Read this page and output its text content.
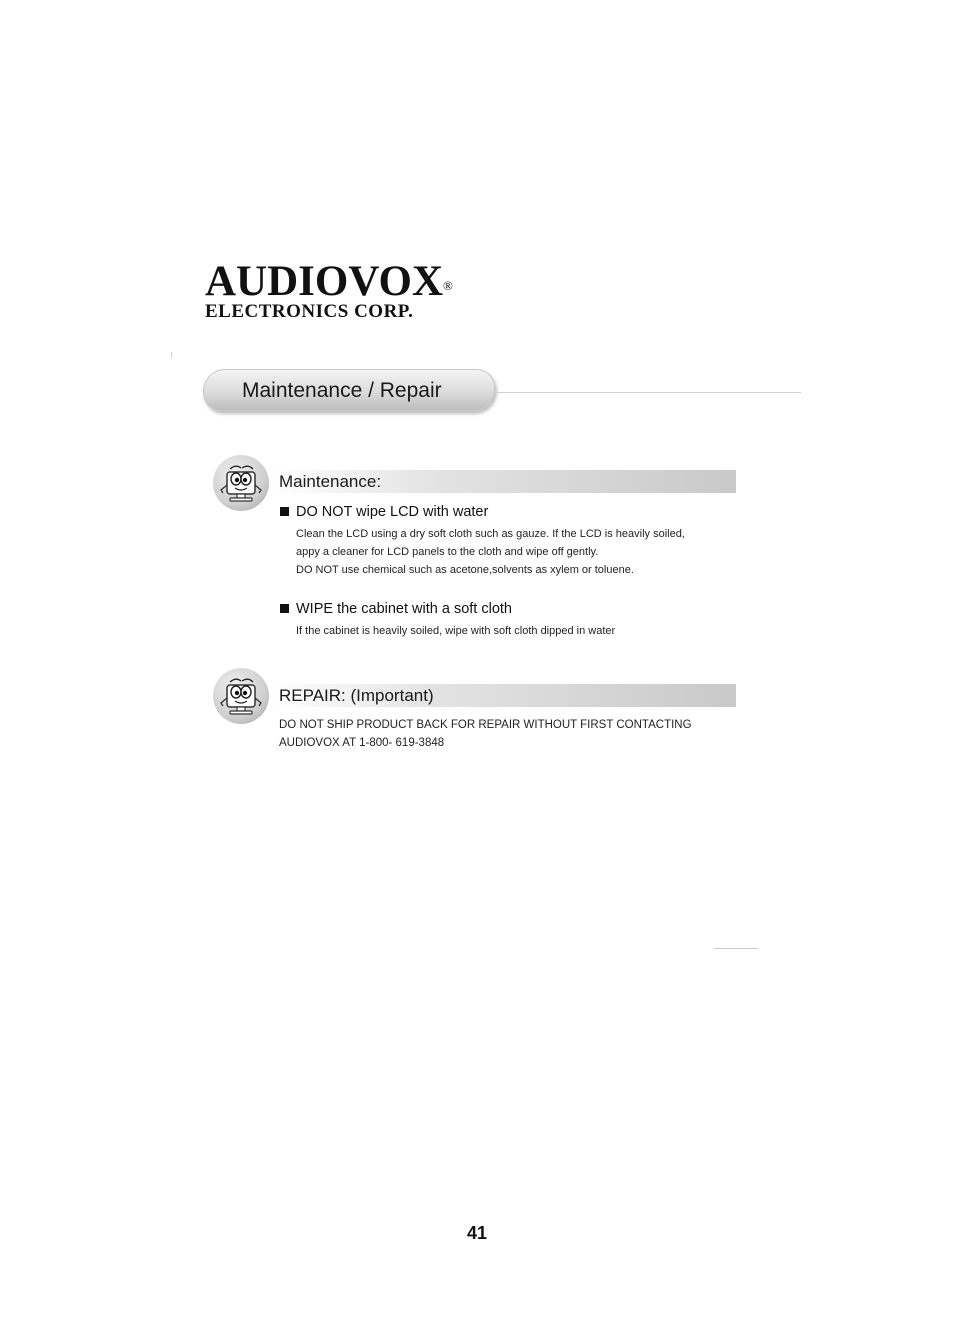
AUDIOVOX®
ELECTRONICS CORP.
Maintenance / Repair
Maintenance:
DO NOT wipe LCD with water
Clean the LCD using a dry soft cloth such as gauze. If the LCD is heavily soiled,
appy a cleaner for LCD panels to the cloth and wipe off gently.
DO NOT use chemical such as acetone,solvents as xylem or toluene.
WIPE the cabinet with a soft cloth
If the cabinet is heavily soiled, wipe with soft cloth dipped in water
REPAIR: (Important)
DO NOT SHIP PRODUCT BACK FOR REPAIR WITHOUT FIRST CONTACTING
AUDIOVOX AT 1-800- 619-3848
41
